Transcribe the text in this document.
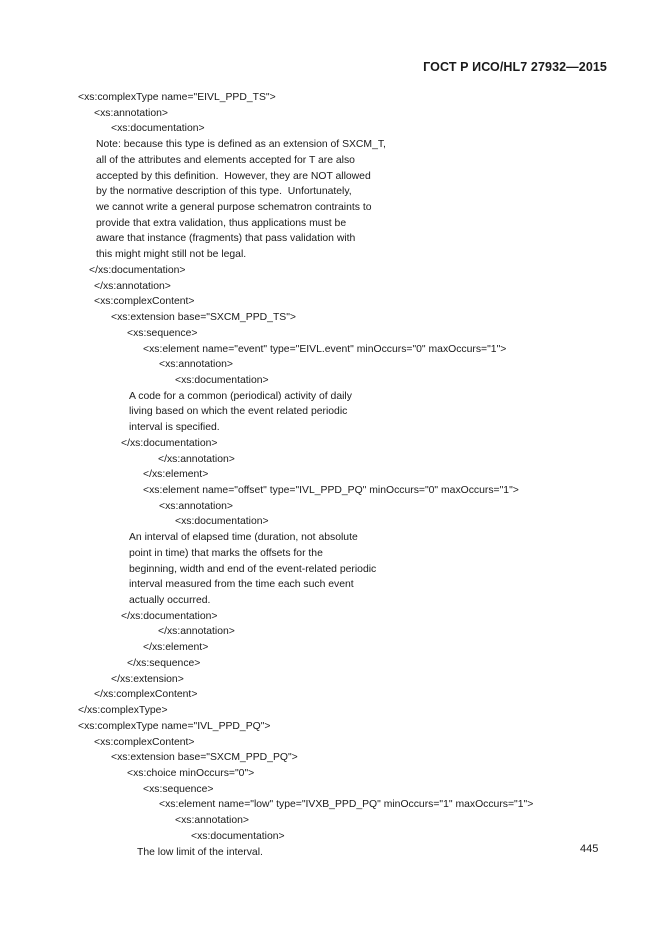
ГОСТ Р ИСО/HL7 27932—2015
<xs:complexType name="EIVL_PPD_TS">
<xs:annotation>
<xs:documentation>
Note: because this type is defined as an extension of SXCM_T,
all of the attributes and elements accepted for T are also
accepted by this definition.  However, they are NOT allowed
by the normative description of this type.  Unfortunately,
we cannot write a general purpose schematron contraints to
provide that extra validation, thus applications must be
aware that instance (fragments) that pass validation with
this might might still not be legal.
</xs:documentation>
</xs:annotation>
<xs:complexContent>
<xs:extension base="SXCM_PPD_TS">
<xs:sequence>
<xs:element name="event" type="EIVL.event" minOccurs="0" maxOccurs="1">
<xs:annotation>
<xs:documentation>
A code for a common (periodical) activity of daily
living based on which the event related periodic
interval is specified.
</xs:documentation>
</xs:annotation>
</xs:element>
<xs:element name="offset" type="IVL_PPD_PQ" minOccurs="0" maxOccurs="1">
<xs:annotation>
<xs:documentation>
An interval of elapsed time (duration, not absolute
point in time) that marks the offsets for the
beginning, width and end of the event-related periodic
interval measured from the time each such event
actually occurred.
</xs:documentation>
</xs:annotation>
</xs:element>
</xs:sequence>
</xs:extension>
</xs:complexContent>
</xs:complexType>
<xs:complexType name="IVL_PPD_PQ">
<xs:complexContent>
<xs:extension base="SXCM_PPD_PQ">
<xs:choice minOccurs="0">
<xs:sequence>
<xs:element name="low" type="IVXB_PPD_PQ" minOccurs="1" maxOccurs="1">
<xs:annotation>
<xs:documentation>
The low limit of the interval.	445
